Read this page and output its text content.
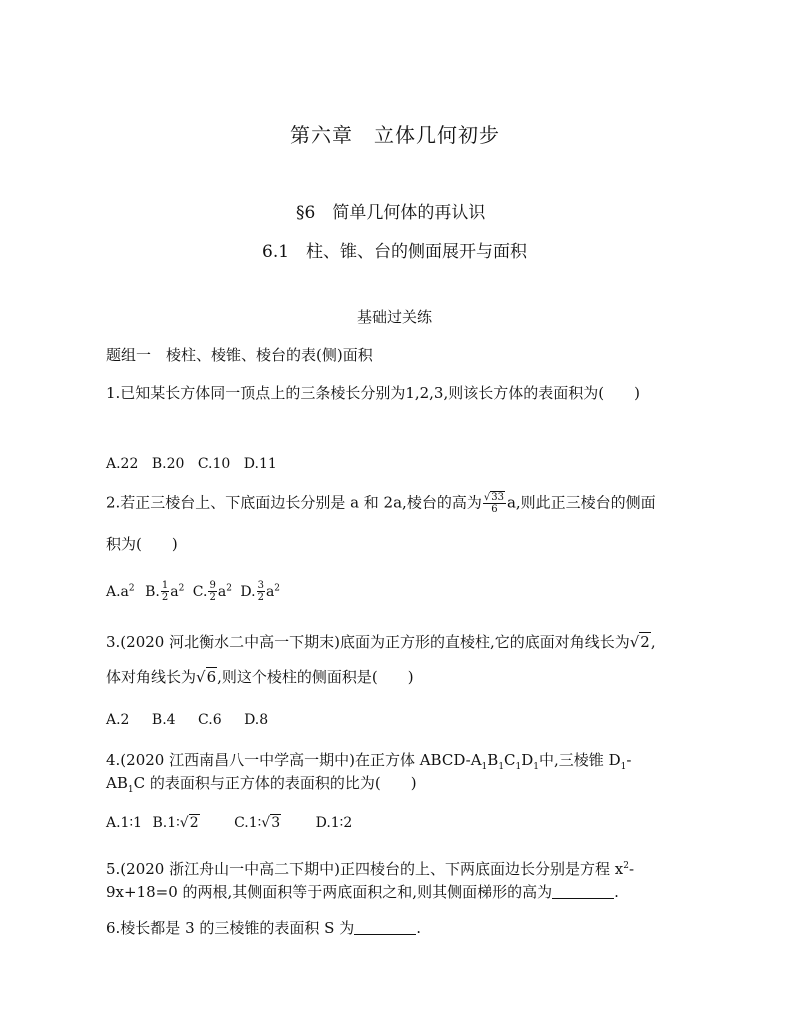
第六章　立体几何初步
§6　简单几何体的再认识
6.1　柱、锥、台的侧面展开与面积
基础过关练
题组一　棱柱、棱锥、棱台的表(侧)面积
1.已知某长方体同一顶点上的三条棱长分别为1,2,3,则该长方体的表面积为(　　)
A.22 B.20 C.10 D.11
2.若正三棱台上、下底面边长分别是 a 和 2a,棱台的高为 $\frac{√33}{6} a$,则此正三棱台的侧面
积为(　　)
$A.a^2$ B. $\frac{1}{2} a^2$ C. $\frac{9}{2} a^2$ D. $\frac{3}{2} a^2$
3.(2020 河北衡水二中高一下期末)底面为正方形的直棱柱,它的底面对角线长为√2,
体对角线长为√6,则这个棱柱的侧面积是(　　)
A.2 B.4 C.6 D.8
4.(2020 江西南昌八一中学高一期中)在正方体 ABCD-$A_1B_1C_1D_1$中,三棱锥 $D_1-$
$AB_1C$ 的表面积与正方体的表面积的比为(　　)
A.1∶1 B.1∶√2	C.1∶√3	D.1∶2
5.(2020 浙江舟山一中高二下期中)正四棱台的上、下两底面边长分别是方程 $x^2-$
9x+18=0 的两根,其侧面积等于两底面积之和,则其侧面梯形的高为	.
6.棱长都是 3 的三棱锥的表面积 S 为	.
